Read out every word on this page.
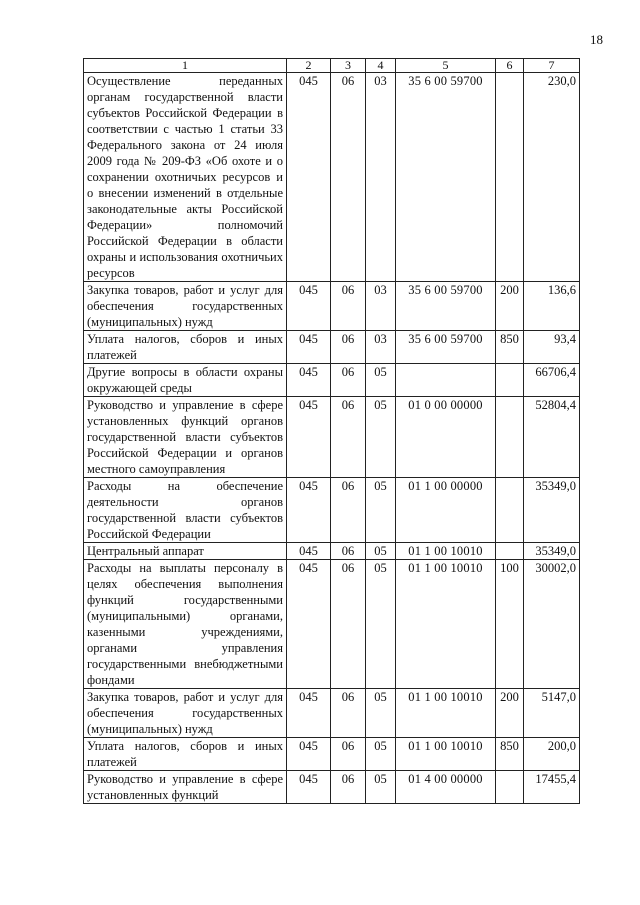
18
1	2	3	4	5	6	7
Осуществление переданных органам государственной власти субъектов Российской Федерации в соответствии с частью 1 статьи 33 Федерального закона от 24 июля 2009 года № 209-ФЗ «Об охоте и о сохранении охотничьих ресурсов и о внесении изменений в отдельные законодательные акты Российской Федерации» полномочий Российской Федерации в области охраны и использования охотничьих ресурсов	045	06	03	35 6 00 59700		230,0
Закупка товаров, работ и услуг для обеспечения государственных (муниципальных) нужд	045	06	03	35 6 00 59700	200	136,6
Уплата налогов, сборов и иных платежей	045	06	03	35 6 00 59700	850	93,4
Другие вопросы в области охраны окружающей среды	045	06	05			66706,4
Руководство и управление в сфере установленных функций органов государственной власти субъектов Российской Федерации и органов местного самоуправления	045	06	05	01 0 00 00000		52804,4
Расходы на обеспечение деятельности органов государственной власти субъектов Российской Федерации	045	06	05	01 1 00 00000		35349,0
Центральный аппарат	045	06	05	01 1 00 10010		35349,0
Расходы на выплаты персоналу в целях обеспечения выполнения функций государственными (муниципальными) органами, казенными учреждениями, органами управления государственными внебюджетными фондами	045	06	05	01 1 00 10010	100	30002,0
Закупка товаров, работ и услуг для обеспечения государственных (муниципальных) нужд	045	06	05	01 1 00 10010	200	5147,0
Уплата налогов, сборов и иных платежей	045	06	05	01 1 00 10010	850	200,0
Руководство и управление в сфере установленных функций	045	06	05	01 4 00 00000		17455,4
